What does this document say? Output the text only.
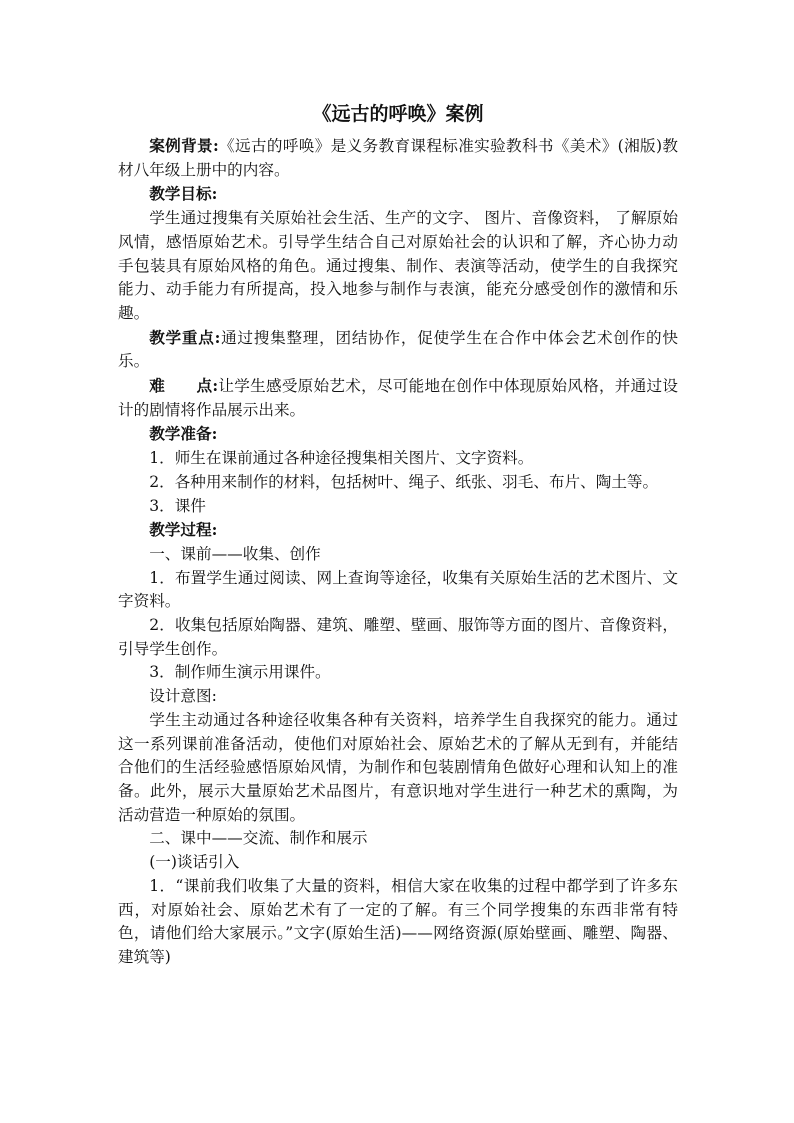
《远古的呼唤》案例

案例背景:《远古的呼唤》是义务教育课程标准实验教科书《美术》(湘版)教材八年级上册中的内容。

教学目标:

学生通过搜集有关原始社会生活、生产的文字、 图片、音像资料， 了解原始风情，感悟原始艺术。引导学生结合自己对原始社会的认识和了解，齐心协力动手包装具有原始风格的角色。通过搜集、制作、表演等活动，使学生的自我探究能力、动手能力有所提高，投入地参与制作与表演，能充分感受创作的激情和乐趣。

教学重点:通过搜集整理，团结协作，促使学生在合作中体会艺术创作的快乐。

难 点:让学生感受原始艺术，尽可能地在创作中体现原始风格，并通过设计的剧情将作品展示出来。

教学准备:

1．师生在课前通过各种途径搜集相关图片、文字资料。

2．各种用来制作的材料，包括树叶、绳子、纸张、羽毛、布片、陶土等。

3．课件

教学过程:

一、课前——收集、创作

1．布置学生通过阅读、网上查询等途径，收集有关原始生活的艺术图片、文字资料。

2．收集包括原始陶器、建筑、雕塑、壁画、服饰等方面的图片、音像资料，引导学生创作。

3．制作师生演示用课件。

设计意图:

学生主动通过各种途径收集各种有关资料，培养学生自我探究的能力。通过这一系列课前准备活动，使他们对原始社会、原始艺术的了解从无到有，并能结合他们的生活经验感悟原始风情，为制作和包装剧情角色做好心理和认知上的准备。此外，展示大量原始艺术品图片，有意识地对学生进行一种艺术的熏陶，为活动营造一种原始的氛围。

二、课中——交流、制作和展示

(一)谈话引入

1．“课前我们收集了大量的资料，相信大家在收集的过程中都学到了许多东西，对原始社会、原始艺术有了一定的了解。有三个同学搜集的东西非常有特色，请他们给大家展示。”文字(原始生活)——网络资源(原始壁画、雕塑、陶器、建筑等)
